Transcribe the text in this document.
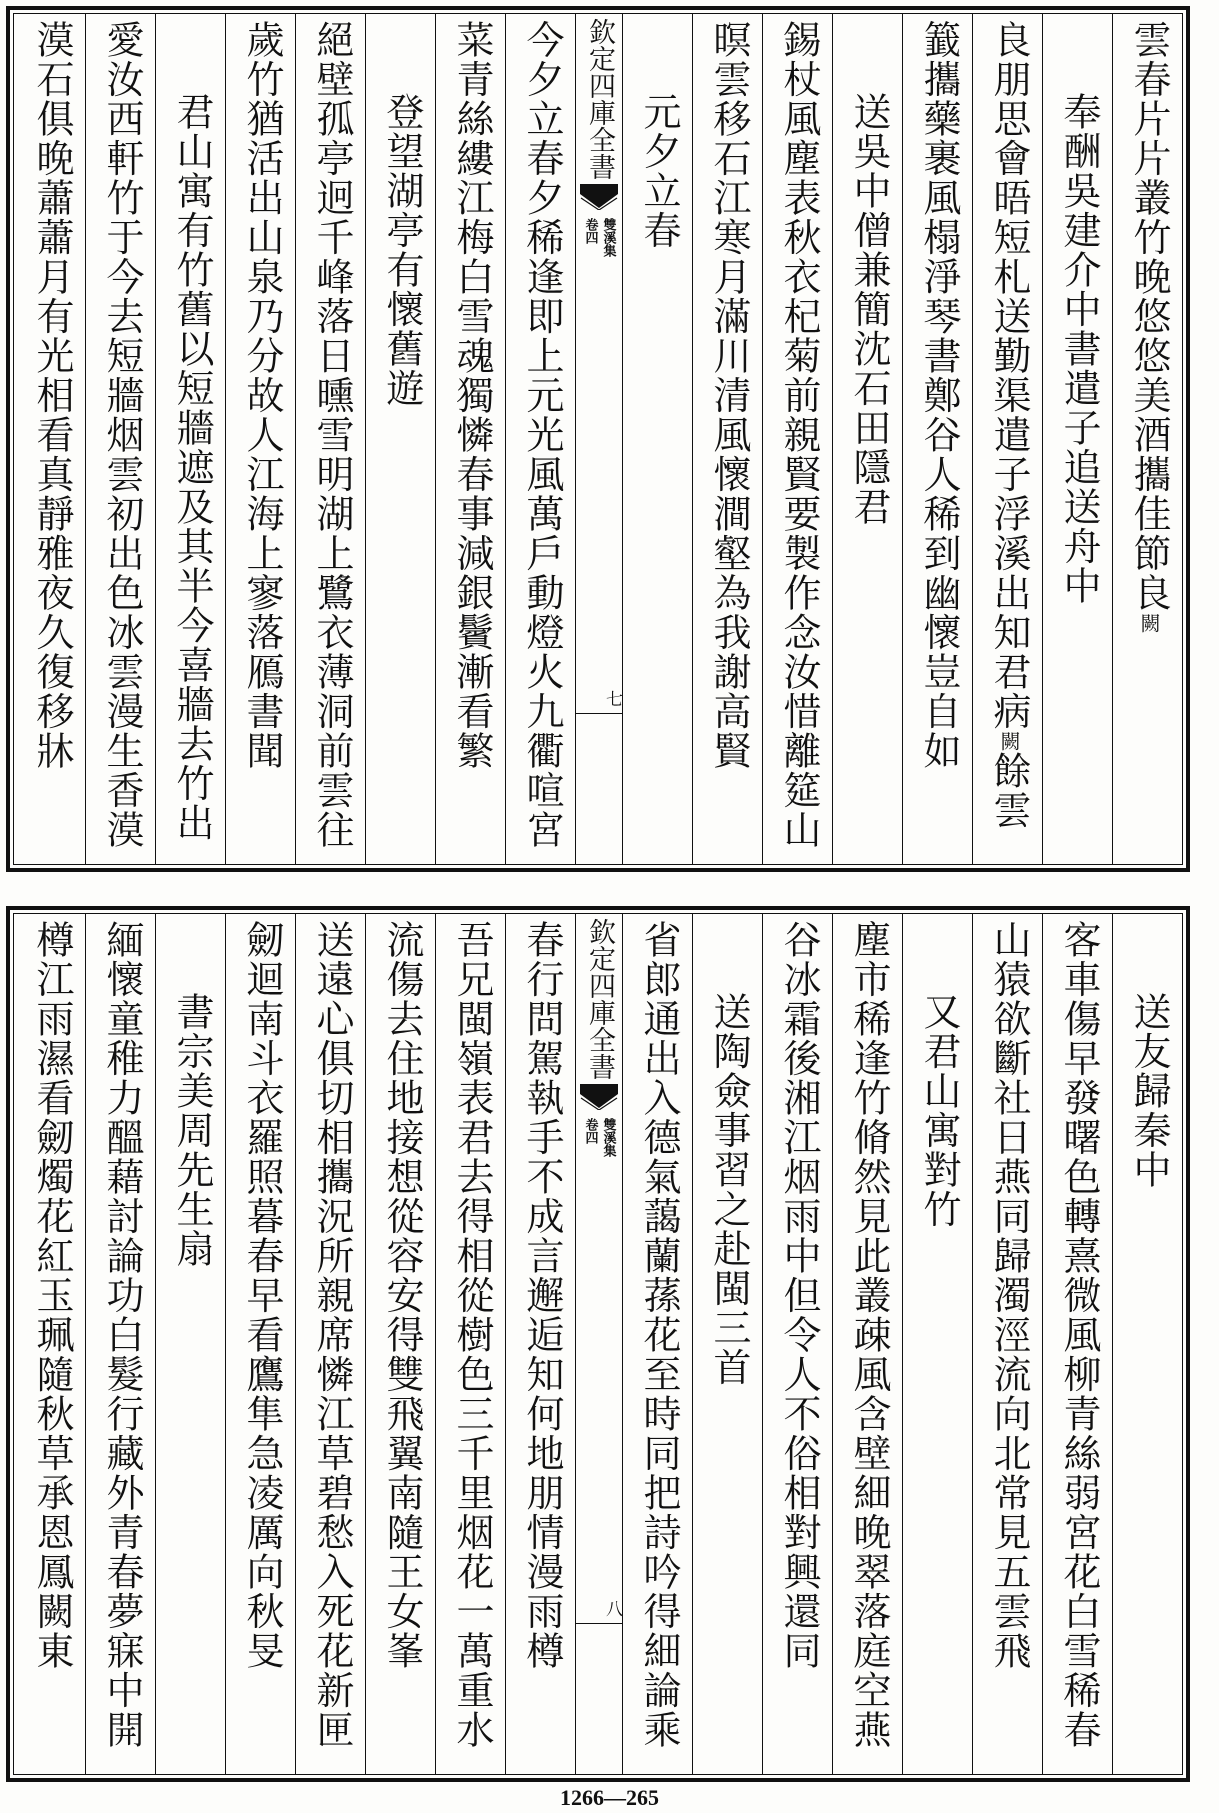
雲春片片叢竹晚悠悠美酒攜佳節良闕
奉酬吳建介中書遣子追送舟中
良朋思會晤短札送勤渠遣子浮溪出知君病闕餘雲
籖攜藥裹風榻淨琴書鄭谷人稀到幽懷豈自如
送吳中僧兼簡沈石田隱君
錫杖風塵表秋衣杞菊前親賢要製作念汝惜離筵山
暝雲移石江寒月滿川清風懷澗壑為我謝高賢
元夕立春
欽定四庫全書
雙溪集
卷四
七
今夕立春夕稀逢即上元光風萬戶動燈火九衢喧宮
菜青絲縷江梅白雪魂獨憐春事減銀鬢漸看繁
登望湖亭有懷舊遊
絕壁孤亭迥千峰落日曛雪明湖上鷺衣薄洞前雲往
歲竹猶活出山泉乃分故人江海上寥落鴈書聞
君山寓有竹舊以短牆遮及其半今喜牆去竹出
愛汝西軒竹于今去短牆烟雲初出色冰雲漫生香漠
漠石俱晚蕭蕭月有光相看真靜雅夜久復移牀
送友歸秦中
客車傷早發曙色轉熹微風柳青絲弱宮花白雪稀春
山猿欲斷社日燕同歸濁涇流向北常見五雲飛
又君山寓對竹
塵市稀逢竹脩然見此叢疎風含壁細晚翠落庭空燕
谷冰霜後湘江烟雨中但令人不俗相對興還同
送陶僉事習之赴閩三首
省郎通出入德氣藹蘭蓀花至時同把詩吟得細論乘
欽定四庫全書
雙溪集
卷四
八
春行問駕執手不成言邂逅知何地朋情漫雨樽
吾兄閩嶺表君去得相從樹色三千里烟花一萬重水
流傷去住地接想從容安得雙飛翼南隨王女峯
送遠心俱切相攜況所親席憐江草碧愁入死花新匣
劒迴南斗衣羅照暮春早看鷹隼急凌厲向秋旻
書宗美周先生扇
緬懷童稚力醞藉討論功白髮行藏外青春夢寐中開
樽江雨濕看劒燭花紅玉珮隨秋草承恩鳳闕東
1266—265
